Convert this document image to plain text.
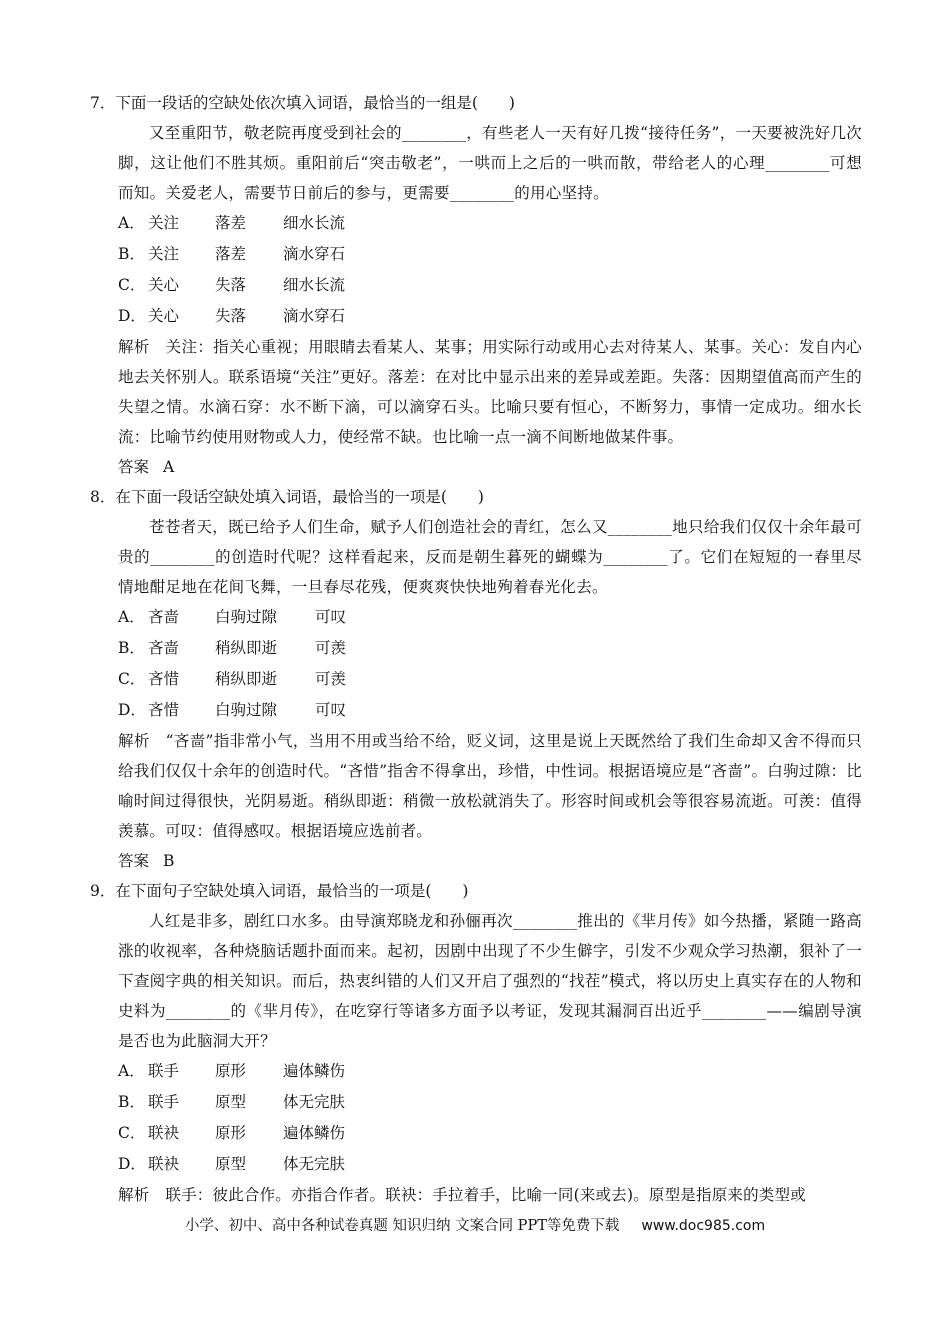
7．下面一段话的空缺处依次填入词语，最恰当的一组是(　　)

又至重阳节，敬老院再度受到社会的________，有些老人一天有好几拨“接待任务”，一天要被洗好几次脚，这让他们不胜其烦。重阳前后“突击敬老”，一哄而上之后的一哄而散，带给老人的心理________可想而知。关爱老人，需要节日前后的参与，更需要________的用心坚持。

A． 关注	落差	细水长流
B． 关注	落差	滴水穿石
C． 关心	失落	细水长流
D． 关心	失落	滴水穿石

解析 关注：指关心重视；用眼睛去看某人、某事；用实际行动或用心去对待某人、某事。关心：发自内心地去关怀别人。联系语境“关注”更好。落差：在对比中显示出来的差异或差距。失落：因期望值高而产生的失望之情。水滴石穿：水不断下滴，可以滴穿石头。比喻只要有恒心，不断努力，事情一定成功。细水长流：比喻节约使用财物或人力，使经常不缺。也比喻一点一滴不间断地做某件事。

答案 A

8．在下面一段话空缺处填入词语，最恰当的一项是(　　)

苍苍者天，既已给予人们生命，赋予人们创造社会的青红，怎么又________地只给我们仅仅十余年最可贵的________的创造时代呢？这样看起来，反而是朝生暮死的蝴蝶为________了。它们在短短的一春里尽情地酣足地在花间飞舞，一旦春尽花残，便爽爽快快地殉着春光化去。

A． 吝啬	白驹过隙	可叹
B． 吝啬	稍纵即逝	可羡
C． 吝惜	稍纵即逝	可羡
D． 吝惜	白驹过隙	可叹

解析 “吝啬”指非常小气，当用不用或当给不给，贬义词，这里是说上天既然给了我们生命却又舍不得而只给我们仅仅十余年的创造时代。“吝惜”指舍不得拿出，珍惜，中性词。根据语境应是“吝啬”。白驹过隙：比喻时间过得很快，光阴易逝。稍纵即逝：稍微一放松就消失了。形容时间或机会等很容易流逝。可羡：值得羡慕。可叹：值得感叹。根据语境应选前者。

答案 B

9．在下面句子空缺处填入词语，最恰当的一项是(　　)

人红是非多，剧红口水多。由导演郑晓龙和孙俪再次________推出的《芈月传》如今热播，紧随一路高涨的收视率，各种烧脑话题扑面而来。起初，因剧中出现了不少生僻字，引发不少观众学习热潮，狠补了一下查阅字典的相关知识。而后，热衷纠错的人们又开启了强烈的“找茬”模式，将以历史上真实存在的人物和史料为________的《芈月传》，在吃穿行等诸多方面予以考证，发现其漏洞百出近乎________——编剧导演是否也为此脑洞大开？

A． 联手	原形	遍体鳞伤
B． 联手	原型	体无完肤
C． 联袂	原形	遍体鳞伤
D． 联袂	原型	体无完肤

解析 联手：彼此合作。亦指合作者。联袂：手拉着手，比喻一同(来或去)。原型是指原来的类型或

小学、初中、高中各种试卷真题 知识归纳 文案合同 PPT等免费下载 www.doc985.com
